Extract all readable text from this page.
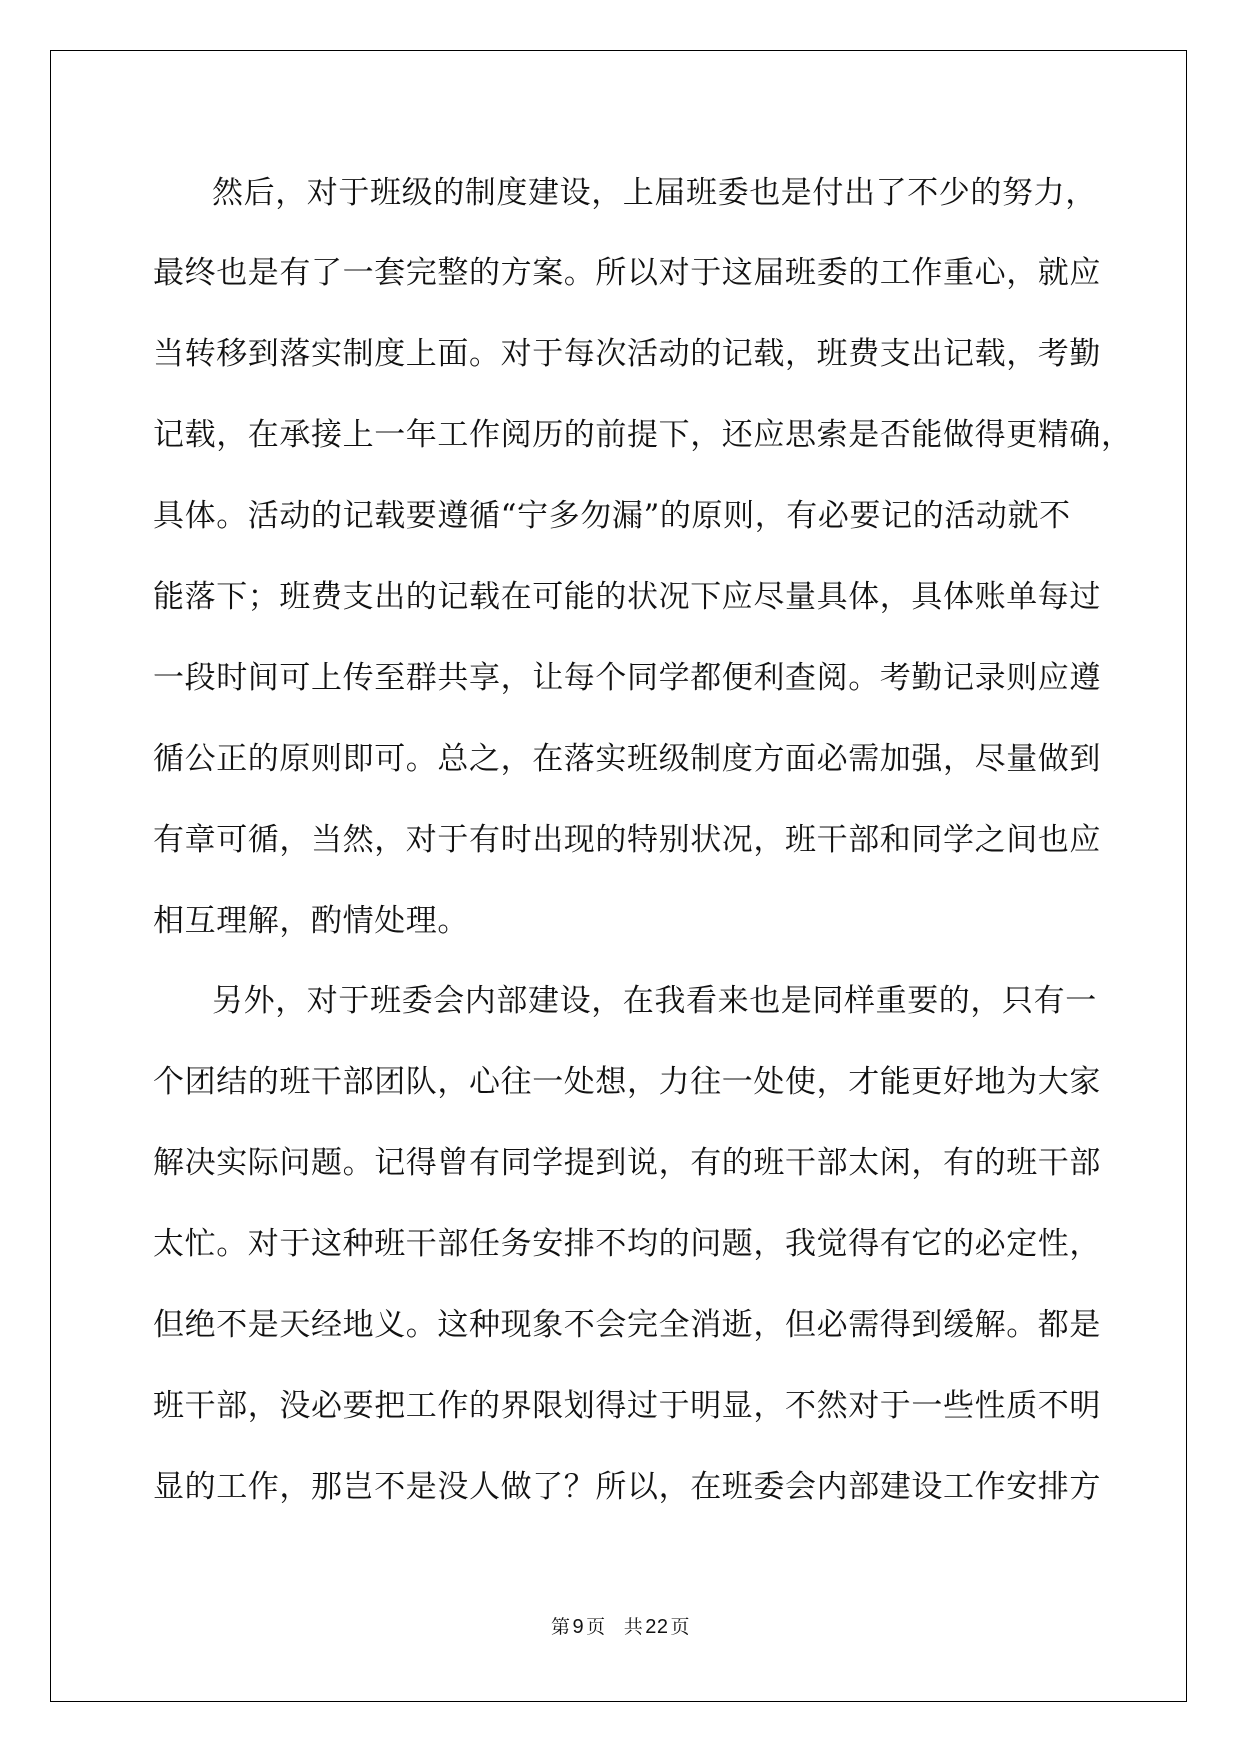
然后，对于班级的制度建设，上届班委也是付出了不少的努力，
最终也是有了一套完整的方案。所以对于这届班委的工作重心，就应
当转移到落实制度上面。对于每次活动的记载，班费支出记载，考勤
记载，在承接上一年工作阅历的前提下，还应思索是否能做得更精确，
具体。活动的记载要遵循“宁多勿漏”的原则，有必要记的活动就不
能落下；班费支出的记载在可能的状况下应尽量具体，具体账单每过
一段时间可上传至群共享，让每个同学都便利查阅。考勤记录则应遵
循公正的原则即可。总之，在落实班级制度方面必需加强，尽量做到
有章可循，当然，对于有时出现的特别状况，班干部和同学之间也应
相互理解，酌情处理。
另外，对于班委会内部建设，在我看来也是同样重要的，只有一
个团结的班干部团队，心往一处想，力往一处使，才能更好地为大家
解决实际问题。记得曾有同学提到说，有的班干部太闲，有的班干部
太忙。对于这种班干部任务安排不均的问题，我觉得有它的必定性，
但绝不是天经地义。这种现象不会完全消逝，但必需得到缓解。都是
班干部，没必要把工作的界限划得过于明显，不然对于一些性质不明
显的工作，那岂不是没人做了？所以，在班委会内部建设工作安排方
第 9 页 共 22 页
